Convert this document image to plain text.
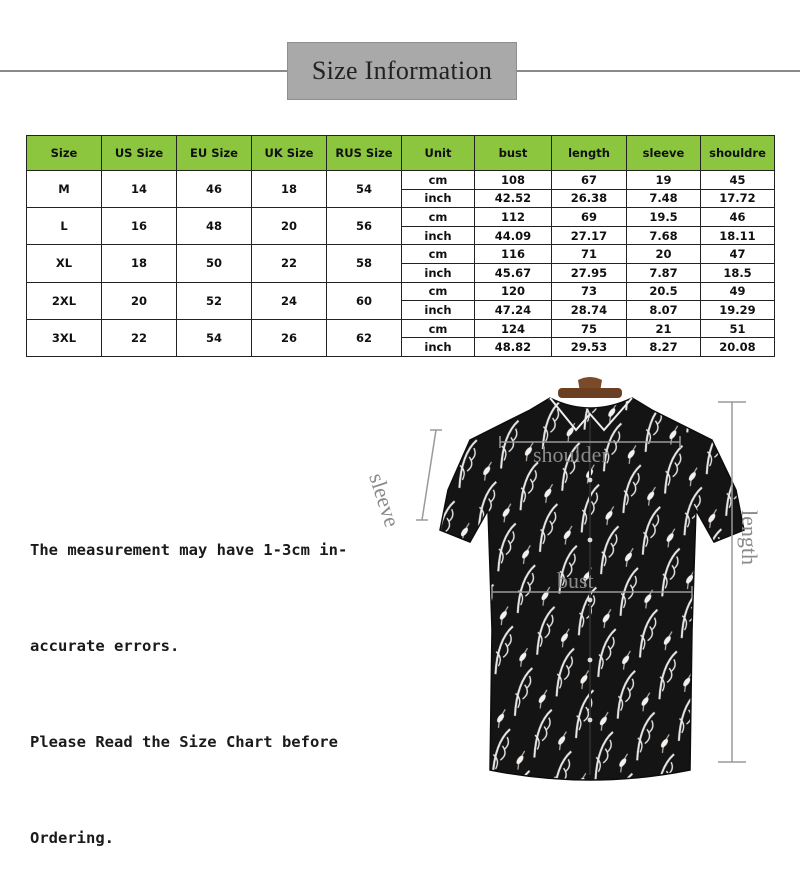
Size Information
Size	US Size	EU Size	UK Size	RUS Size	Unit	bust	length	sleeve	shouldre
M	14	46	18	54	cm	108	67	19	45
					inch	42.52	26.38	7.48	17.72
L	16	48	20	56	cm	112	69	19.5	46
					inch	44.09	27.17	7.68	18.11
XL	18	50	22	58	cm	116	71	20	47
					inch	45.67	27.95	7.87	18.5
2XL	20	52	24	60	cm	120	73	20.5	49
					inch	47.24	28.74	8.07	19.29
3XL	22	54	26	62	cm	124	75	21	51
					inch	48.82	29.53	8.27	20.08

The measurement may have 1-3cm in-

accurate errors.

Please Read the Size Chart before

Ordering.

shoulder
sleeve
bust
length
